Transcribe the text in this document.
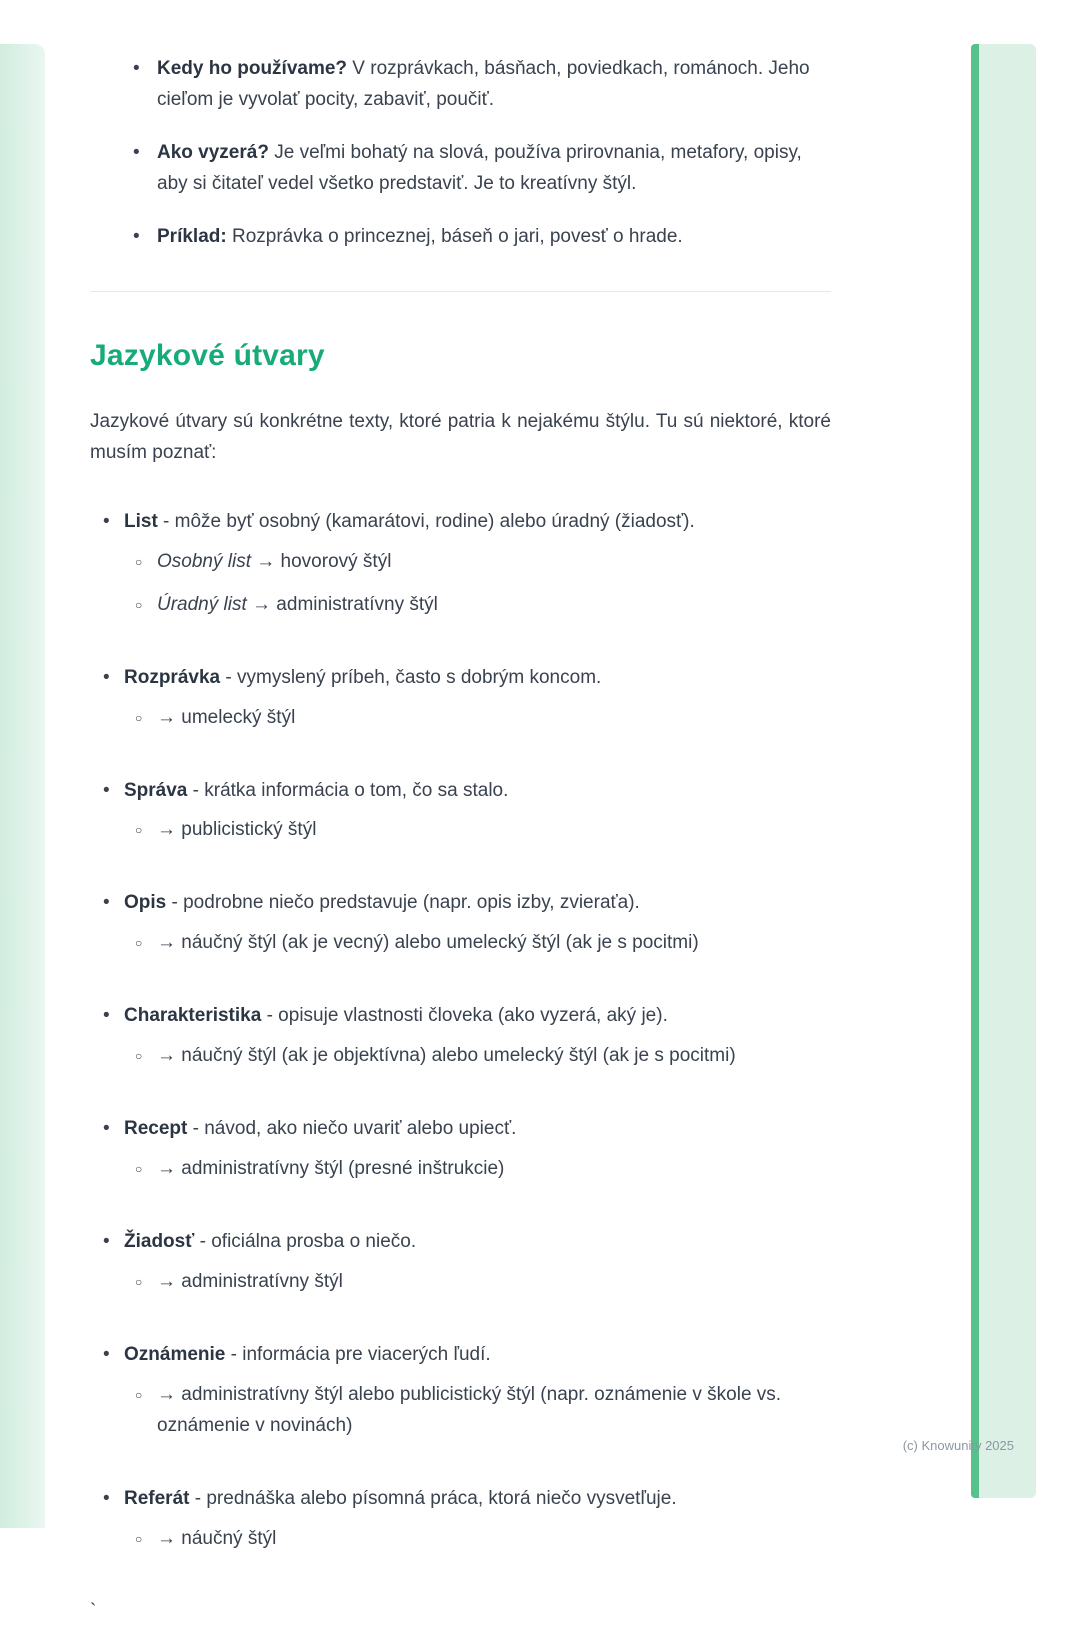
• Kedy ho používame? V rozprávkach, básňach, poviedkach, románoch. Jeho cieľom je vyvolať pocity, zabaviť, poučiť.
• Ako vyzerá? Je veľmi bohatý na slová, používa prirovnania, metafory, opisy, aby si čitateľ vedel všetko predstaviť. Je to kreatívny štýl.
• Príklad: Rozprávka o princeznej, báseň o jari, povesť o hrade.
Jazykové útvary

Jazykové útvary sú konkrétne texty, ktoré patria k nejakému štýlu. Tu sú niektoré, ktoré musím poznať:

• List - môže byť osobný (kamarátovi, rodine) alebo úradný (žiadosť).
○ Osobný list → hovorový štýl
○ Úradný list → administratívny štýl
• Rozprávka - vymyslený príbeh, často s dobrým koncom.
○ → umelecký štýl
• Správa - krátka informácia o tom, čo sa stalo.
○ → publicistický štýl
• Opis - podrobne niečo predstavuje (napr. opis izby, zvieraťa).
○ → náučný štýl (ak je vecný) alebo umelecký štýl (ak je s pocitmi)
• Charakteristika - opisuje vlastnosti človeka (ako vyzerá, aký je).
○ → náučný štýl (ak je objektívna) alebo umelecký štýl (ak je s pocitmi)
• Recept - návod, ako niečo uvariť alebo upiecť.
○ → administratívny štýl (presné inštrukcie)
• Žiadosť - oficiálna prosba o niečo.
○ → administratívny štýl
• Oznámenie - informácia pre viacerých ľudí.
○ → administratívny štýl alebo publicistický štýl (napr. oznámenie v škole vs. oznámenie v novinách)
• Referát - prednáška alebo písomná práca, ktorá niečo vysvetľuje.
○ → náučný štýl
`
(c) Knowunity 2025
